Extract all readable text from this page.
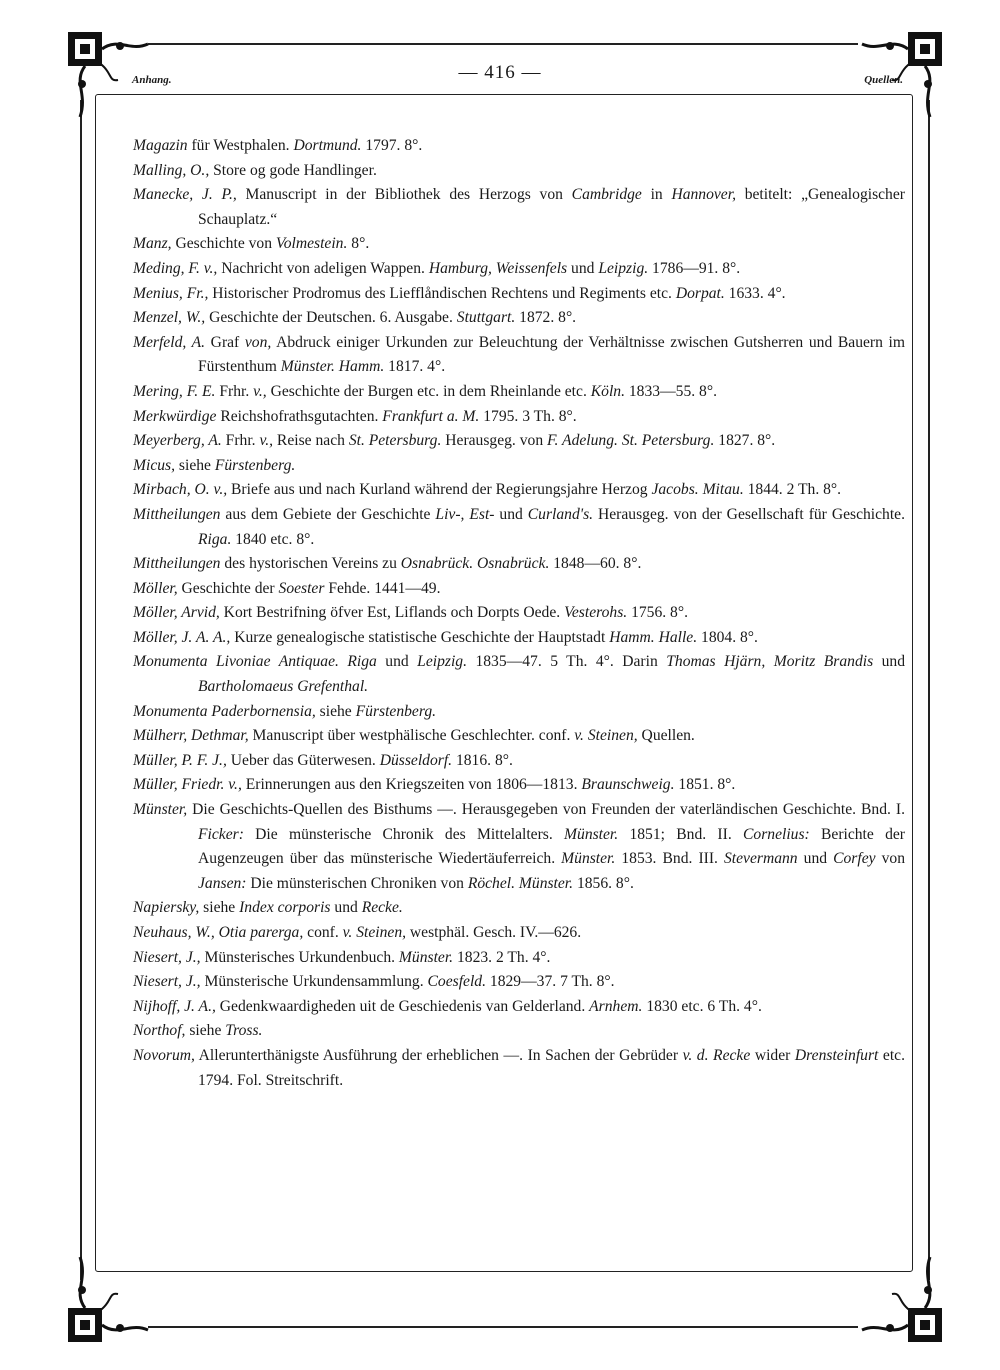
Anhang.	— 416 —	Quellen.
Magazin für Westphalen. Dortmund. 1797. 8°.
Malling, O., Store og gode Handlinger.
Manecke, J. P., Manuscript in der Bibliothek des Herzogs von Cambridge in Hannover, betitelt: „Genealogischer Schauplatz.“
Manz, Geschichte von Volmestein. 8°.
Meding, F. v., Nachricht von adeligen Wappen. Hamburg, Weissenfels und Leipzig. 1786—91. 8°.
Menius, Fr., Historischer Prodromus des Liefflåndischen Rechtens und Regiments etc. Dorpat. 1633. 4°.
Menzel, W., Geschichte der Deutschen. 6. Ausgabe. Stuttgart. 1872. 8°.
Merfeld, A. Graf von, Abdruck einiger Urkunden zur Beleuchtung der Verhältnisse zwischen Gutsherren und Bauern im Fürstenthum Münster. Hamm. 1817. 4°.
Mering, F. E. Frhr. v., Geschichte der Burgen etc. in dem Rheinlande etc. Köln. 1833—55. 8°.
Merkwürdige Reichshofrathsgutachten. Frankfurt a. M. 1795. 3 Th. 8°.
Meyerberg, A. Frhr. v., Reise nach St. Petersburg. Herausgeg. von F. Adelung. St. Petersburg. 1827. 8°.
Micus, siehe Fürstenberg.
Mirbach, O. v., Briefe aus und nach Kurland während der Regierungsjahre Herzog Jacobs. Mitau. 1844. 2 Th. 8°.
Mittheilungen aus dem Gebiete der Geschichte Liv-, Est- und Curland's. Herausgeg. von der Gesellschaft für Geschichte. Riga. 1840 etc. 8°.
Mittheilungen des hystorischen Vereins zu Osnabrück. Osnabrück. 1848—60. 8°.
Möller, Geschichte der Soester Fehde. 1441—49.
Möller, Arvid, Kort Bestrifning öfver Est, Liflands och Dorpts Oede. Vesterohs. 1756. 8°.
Möller, J. A. A., Kurze genealogische statistische Geschichte der Hauptstadt Hamm. Halle. 1804. 8°.
Monumenta Livoniae Antiquae. Riga und Leipzig. 1835—47. 5 Th. 4°. Darin Thomas Hjärn, Moritz Brandis und Bartholomaeus Grefenthal.
Monumenta Paderbornensia, siehe Fürstenberg.
Mülherr, Dethmar, Manuscript über westphälische Geschlechter. conf. v. Steinen, Quellen.
Müller, P. F. J., Ueber das Güterwesen. Düsseldorf. 1816. 8°.
Müller, Friedr. v., Erinnerungen aus den Kriegszeiten von 1806—1813. Braunschweig. 1851. 8°.
Münster, Die Geschichts-Quellen des Bisthums —. Herausgegeben von Freunden der vaterländischen Geschichte. Bnd. I. Ficker: Die münsterische Chronik des Mittelalters. Münster. 1851; Bnd. II. Cornelius: Berichte der Augenzeugen über das münsterische Wiedertäuferreich. Münster. 1853. Bnd. III. Stevermann und Corfey von Jansen: Die münsterischen Chroniken von Röchel. Münster. 1856. 8°.
Napiersky, siehe Index corporis und Recke.
Neuhaus, W., Otia parerga, conf. v. Steinen, westphäl. Gesch. IV.—626.
Niesert, J., Münsterisches Urkundenbuch. Münster. 1823. 2 Th. 4°.
Niesert, J., Münsterische Urkundensammlung. Coesfeld. 1829—37. 7 Th. 8°.
Nijhoff, J. A., Gedenkwaardigheden uit de Geschiedenis van Gelderland. Arnhem. 1830 etc. 6 Th. 4°.
Northof, siehe Tross.
Novorum, Allerunterthänigste Ausführung der erheblichen —. In Sachen der Gebrüder v. d. Recke wider Drensteinfurt etc. 1794. Fol. Streitschrift.
